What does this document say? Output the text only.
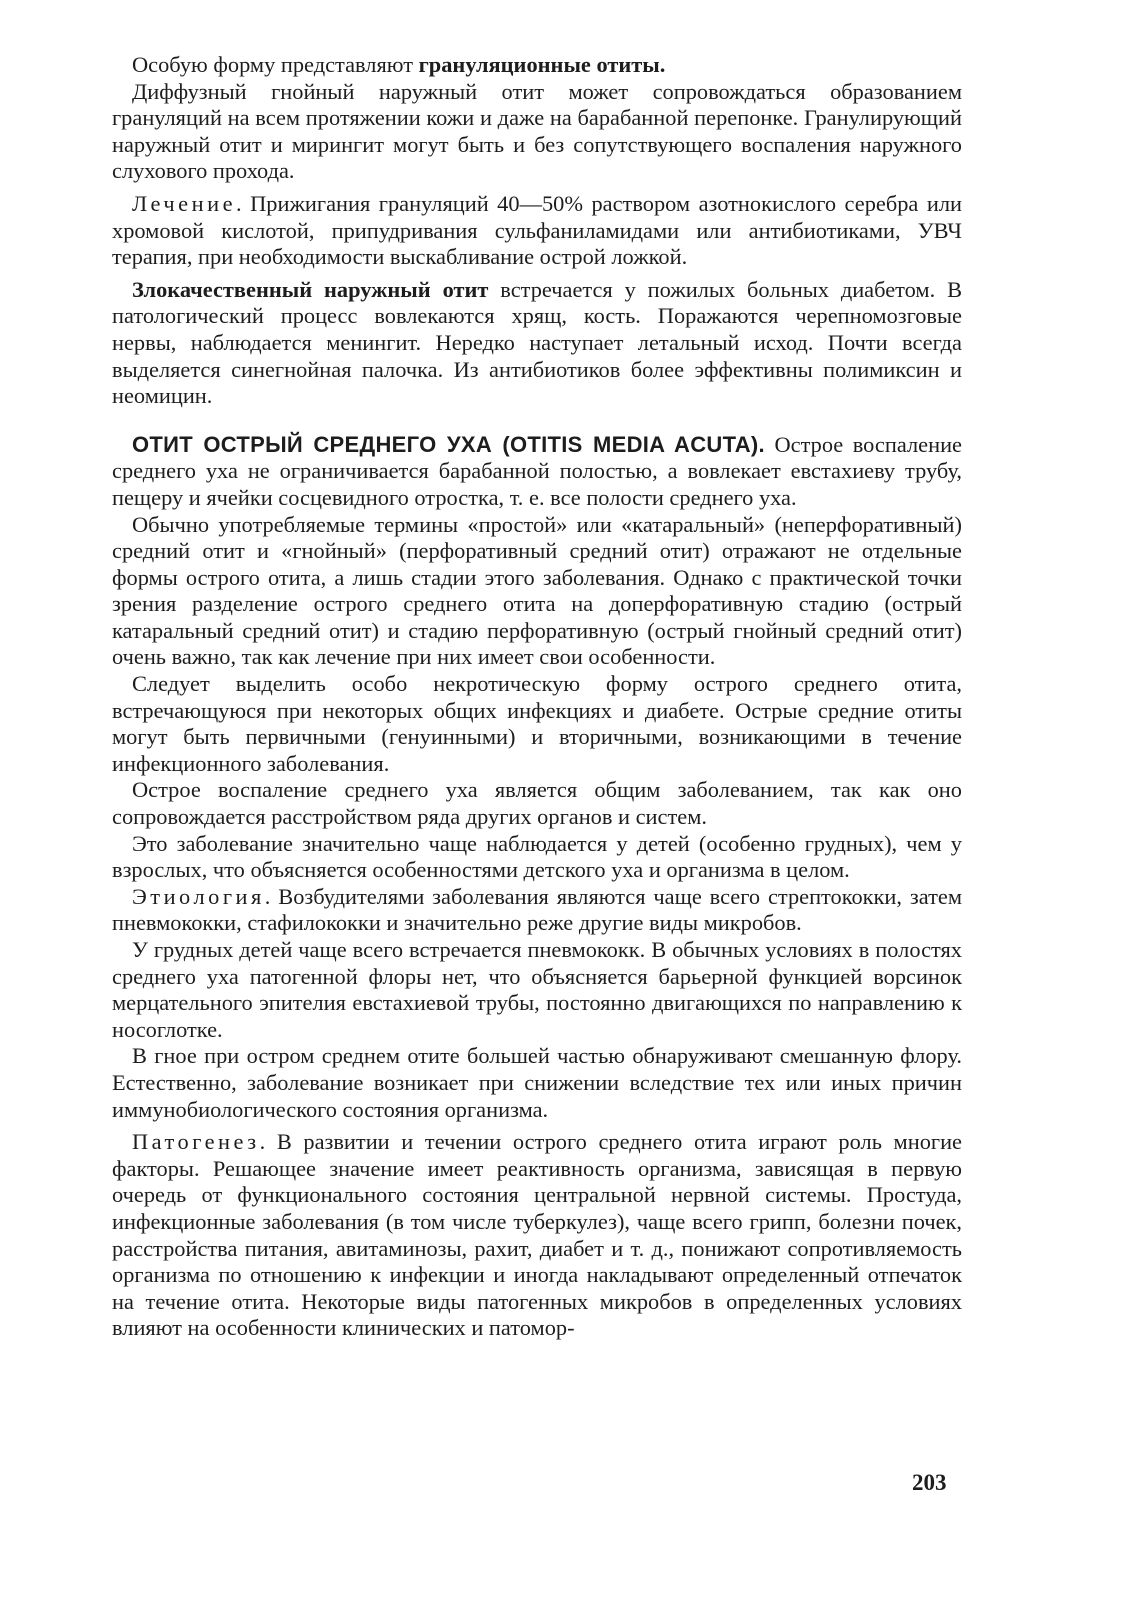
Особую форму представляют грануляционные отиты.

Диффузный гнойный наружный отит может сопровождаться образованием грануляций на всем протяжении кожи и даже на барабанной перепонке. Гранулирующий наружный отит и мирингит могут быть и без сопутствующего воспаления наружного слухового прохода.

Лечение. Прижигания грануляций 40—50% раствором азотнокислого серебра или хромовой кислотой, припудривания сульфаниламидами или антибиотиками, УВЧ терапия, при необходимости выскабливание острой ложкой.

Злокачественный наружный отит встречается у пожилых больных диабетом. В патологический процесс вовлекаются хрящ, кость. Поражаются черепномозговые нервы, наблюдается менингит. Нередко наступает летальный исход. Почти всегда выделяется синегнойная палочка. Из антибиотиков более эффективны полимиксин и неомицин.

ОТИТ ОСТРЫЙ СРЕДНЕГО УХА (OTITIS MEDIA ACUTA). Острое воспаление среднего уха не ограничивается барабанной полостью, а вовлекает евстахиеву трубу, пещеру и ячейки сосцевидного отростка, т. е. все полости среднего уха.

Обычно употребляемые термины «простой» или «катаральный» (неперфоративный) средний отит и «гнойный» (перфоративный средний отит) отражают не отдельные формы острого отита, а лишь стадии этого заболевания. Однако с практической точки зрения разделение острого среднего отита на доперфоративную стадию (острый катаральный средний отит) и стадию перфоративную (острый гнойный средний отит) очень важно, так как лечение при них имеет свои особенности.

Следует выделить особо некротическую форму острого среднего отита, встречающуюся при некоторых общих инфекциях и диабете. Острые средние отиты могут быть первичными (генуинными) и вторичными, возникающими в течение инфекционного заболевания.

Острое воспаление среднего уха является общим заболеванием, так как оно сопровождается расстройством ряда других органов и систем.

Это заболевание значительно чаще наблюдается у детей (особенно грудных), чем у взрослых, что объясняется особенностями детского уха и организма в целом.

Этиология. Возбудителями заболевания являются чаще всего стрептококки, затем пневмококки, стафилококки и значительно реже другие виды микробов.

У грудных детей чаще всего встречается пневмококк. В обычных условиях в полостях среднего уха патогенной флоры нет, что объясняется барьерной функцией ворсинок мерцательного эпителия евстахиевой трубы, постоянно двигающихся по направлению к носоглотке.

В гное при остром среднем отите большей частью обнаруживают смешанную флору. Естественно, заболевание возникает при снижении вследствие тех или иных причин иммунобиологического состояния организма.

Патогенез. В развитии и течении острого среднего отита играют роль многие факторы. Решающее значение имеет реактивность организма, зависящая в первую очередь от функционального состояния центральной нервной системы. Простуда, инфекционные заболевания (в том числе туберкулез), чаще всего грипп, болезни почек, расстройства питания, авитаминозы, рахит, диабет и т. д., понижают сопротивляемость организма по отношению к инфекции и иногда накладывают определенный отпечаток на течение отита. Некоторые виды патогенных микробов в определенных условиях влияют на особенности клинических и патомор-

203
